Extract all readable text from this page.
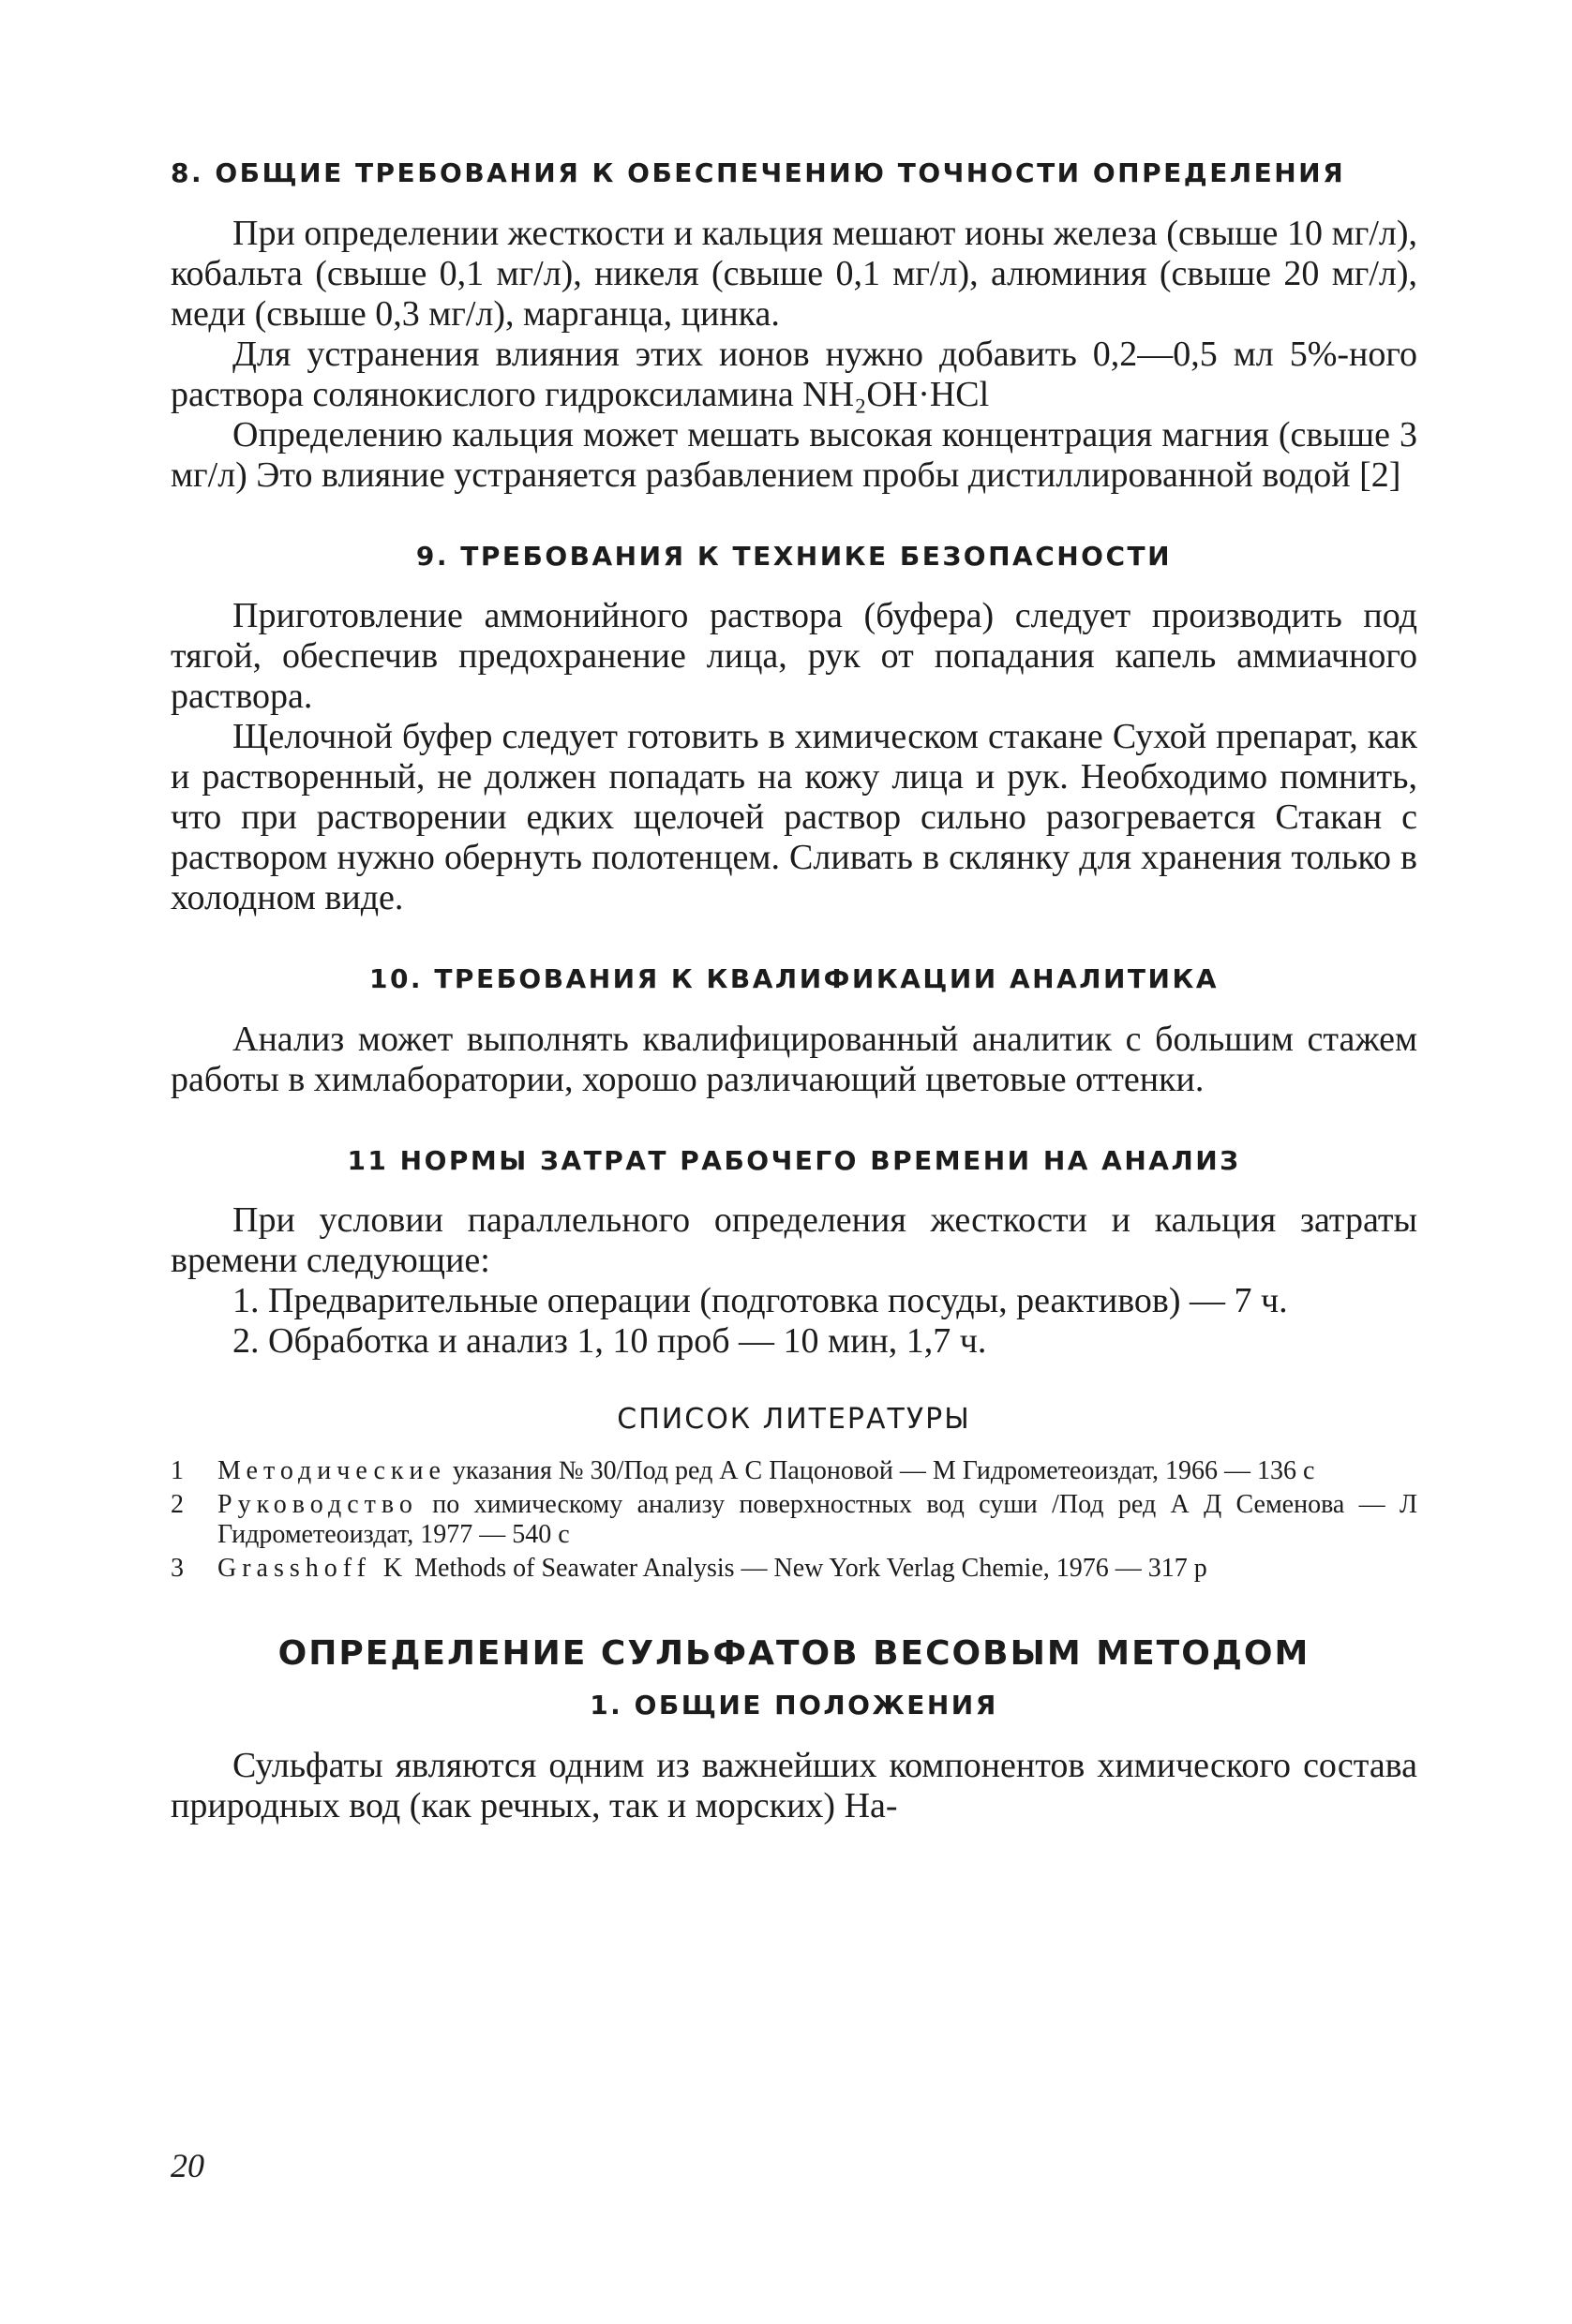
8. ОБЩИЕ ТРЕБОВАНИЯ К ОБЕСПЕЧЕНИЮ ТОЧНОСТИ ОПРЕДЕЛЕНИЯ

При определении жесткости и кальция мешают ионы железа (свыше 10 мг/л), кобальта (свыше 0,1 мг/л), никеля (свыше 0,1 мг/л), алюминия (свыше 20 мг/л), меди (свыше 0,3 мг/л), марганца, цинка.

Для устранения влияния этих ионов нужно добавить 0,2—0,5 мл 5%-ного раствора солянокислого гидроксиламина NH₂OH·HCl

Определению кальция может мешать высокая концентрация магния (свыше 3 мг/л) Это влияние устраняется разбавлением пробы дистиллированной водой [2]

9. ТРЕБОВАНИЯ К ТЕХНИКЕ БЕЗОПАСНОСТИ

Приготовление аммонийного раствора (буфера) следует производить под тягой, обеспечив предохранение лица, рук от попадания капель аммиачного раствора.

Щелочной буфер следует готовить в химическом стакане Сухой препарат, как и растворенный, не должен попадать на кожу лица и рук. Необходимо помнить, что при растворении едких щелочей раствор сильно разогревается Стакан с раствором нужно обернуть полотенцем. Сливать в склянку для хранения только в холодном виде.

10. ТРЕБОВАНИЯ К КВАЛИФИКАЦИИ АНАЛИТИКА

Анализ может выполнять квалифицированный аналитик с большим стажем работы в химлаборатории, хорошо различающий цветовые оттенки.

11 НОРМЫ ЗАТРАТ РАБОЧЕГО ВРЕМЕНИ НА АНАЛИЗ

При условии параллельного определения жесткости и кальция затраты времени следующие:

1. Предварительные операции (подготовка посуды, реактивов) — 7 ч.

2. Обработка и анализ 1, 10 проб — 10 мин, 1,7 ч.

СПИСОК ЛИТЕРАТУРЫ

1 Методические указания № 30/Под ред А С Пацоновой — М Гидрометеоиздат, 1966 — 136 с

2 Руководство по химическому анализу поверхностных вод суши /Под ред А Д Семенова — Л Гидрометеоиздат, 1977 — 540 с

3 Grasshoff K Methods of Seawater Analysis — New York Verlag Chemie, 1976 — 317 p

ОПРЕДЕЛЕНИЕ СУЛЬФАТОВ ВЕСОВЫМ МЕТОДОМ
1. ОБЩИЕ ПОЛОЖЕНИЯ

Сульфаты являются одним из важнейших компонентов химического состава природных вод (как речных, так и морских) На-

20
